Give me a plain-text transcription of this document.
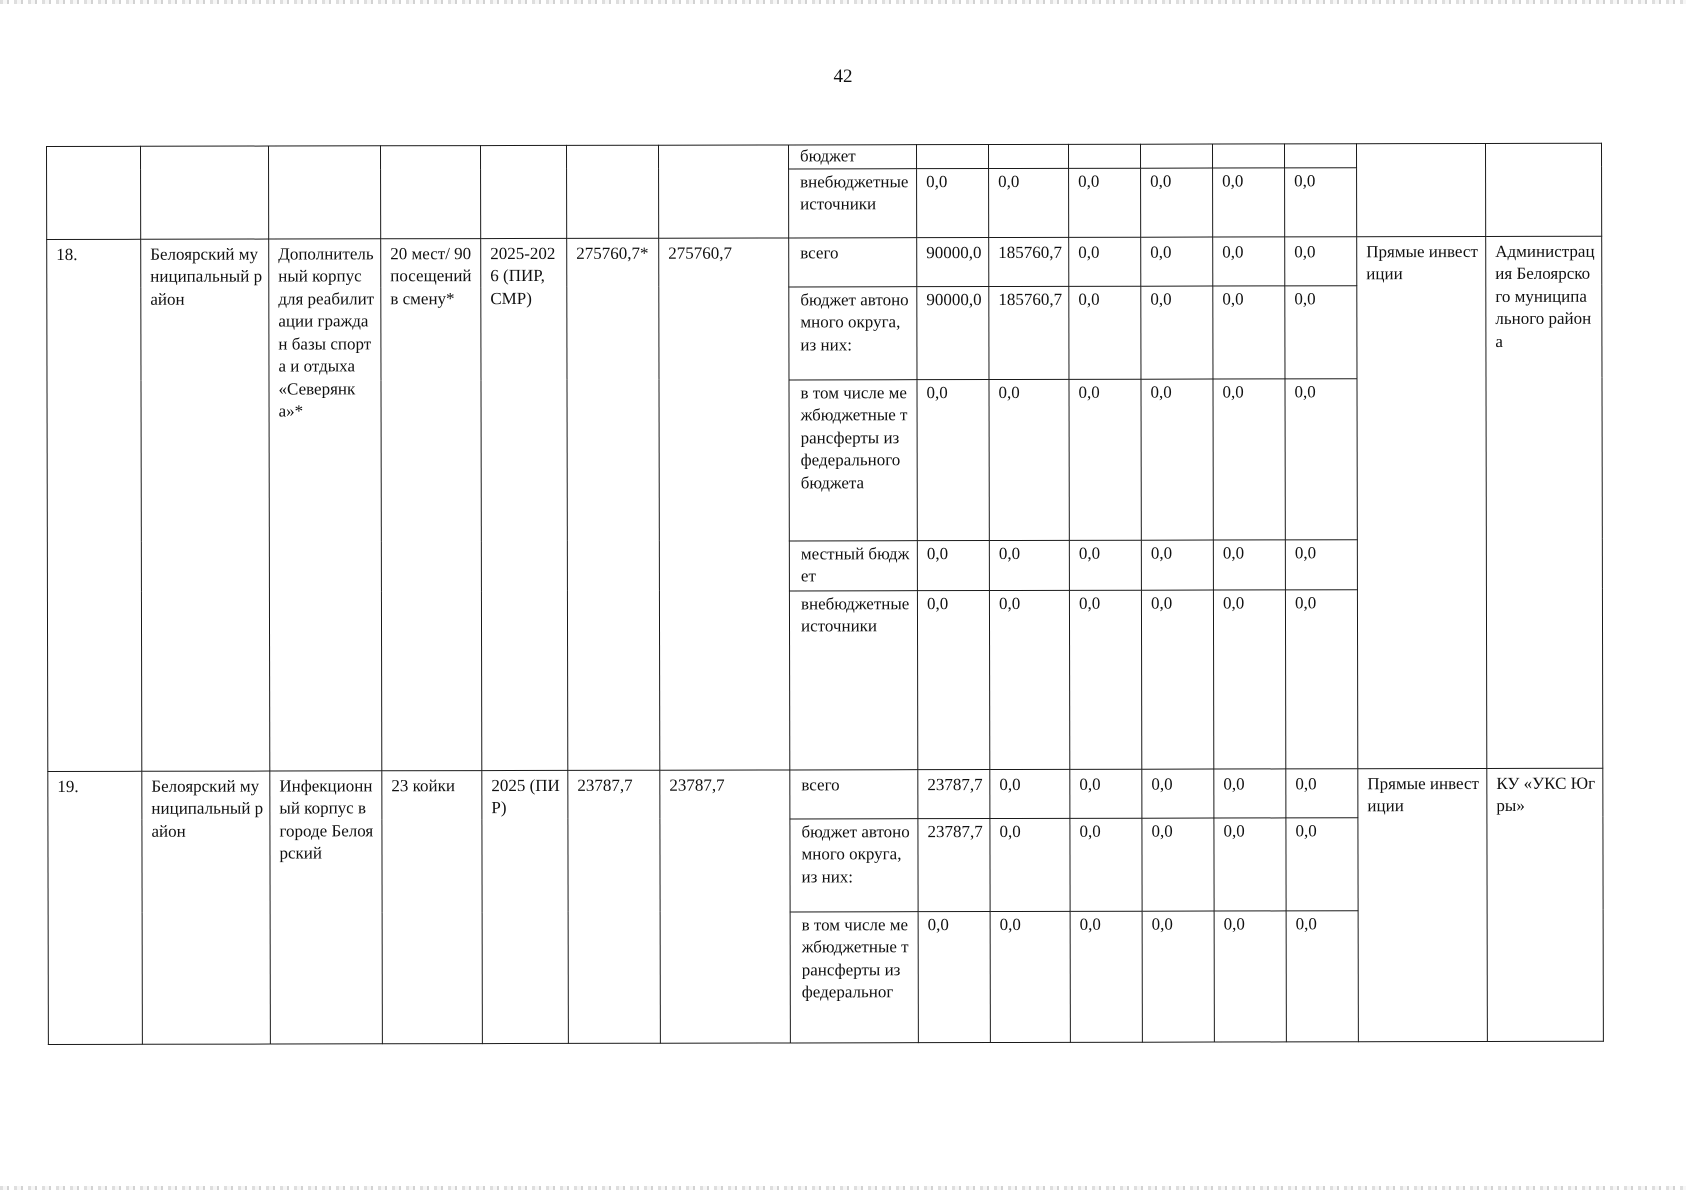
42
							бюджет								
							внебюджетные источники	0,0	0,0	0,0	0,0	0,0	0,0		
18.	Белоярский муниципальный район	Дополнительный корпус для реабилитации граждан базы спорта и отдыха «Северянка»*	20 мест/ 90 посещений в смену*	2025-2026 (ПИР, СМР)	275760,7*	275760,7	всего	90000,0	185760,7	0,0	0,0	0,0	0,0	Прямые инвестиции	Администрация Белоярского муниципального района
							бюджет автономного округа, из них:	90000,0	185760,7	0,0	0,0	0,0	0,0		
							в том числе межбюджетные трансферты из федерального бюджета	0,0	0,0	0,0	0,0	0,0	0,0		
							местный бюджет	0,0	0,0	0,0	0,0	0,0	0,0		
							внебюджетные источники	0,0	0,0	0,0	0,0	0,0	0,0		
19.	Белоярский муниципальный район	Инфекционный корпус в городе Белоярский	23 койки	2025 (ПИР)	23787,7	23787,7	всего	23787,7	0,0	0,0	0,0	0,0	0,0	Прямые инвестиции	КУ «УКС Югры»
							бюджет автономного округа, из них:	23787,7	0,0	0,0	0,0	0,0	0,0		
							в том числе межбюджетные трансферты из федеральног	0,0	0,0	0,0	0,0	0,0	0,0		
